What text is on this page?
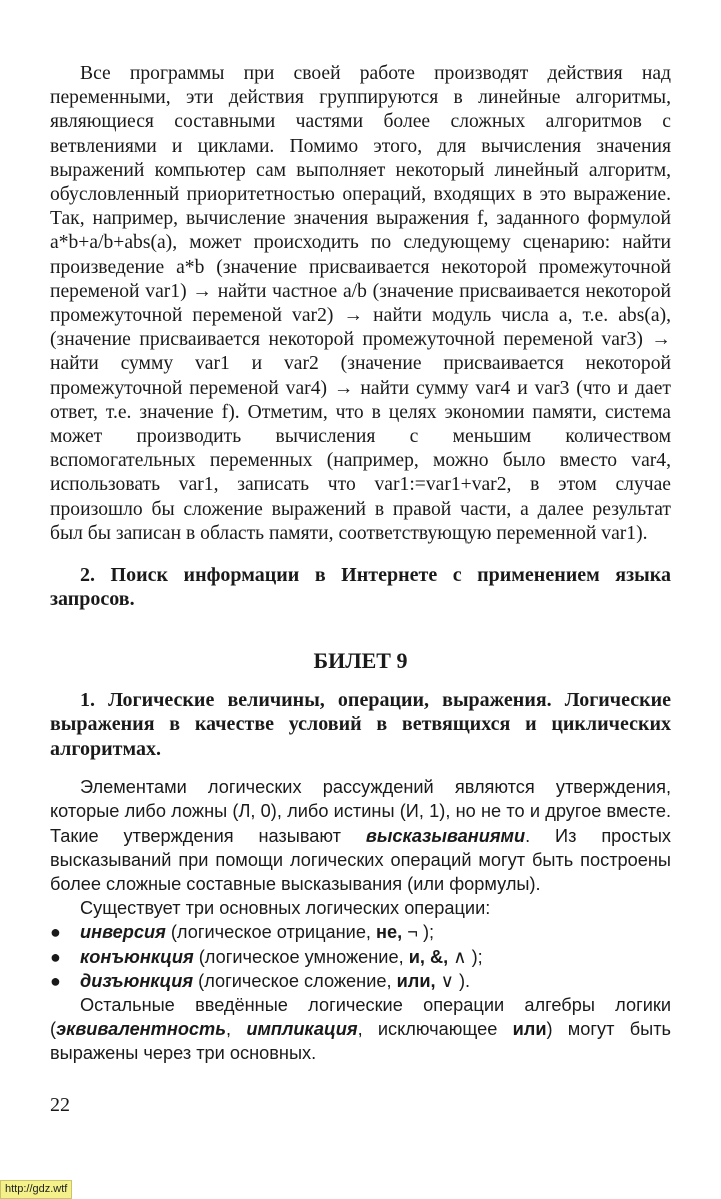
Все программы при своей работе производят действия над переменными, эти действия группируются в линейные алгоритмы, являющиеся составными частями более сложных алгоритмов с ветвлениями и циклами. Помимо этого, для вычисления значения выражений компьютер сам выполняет некоторый линейный алгоритм, обусловленный приоритетностью операций, входящих в это выражение. Так, например, вычисление значения выражения f, заданного формулой a*b+a/b+abs(a), может происходить по следующему сценарию: найти произведение a*b (значение присваивается некоторой промежуточной переменой var1) → найти частное a/b (значение присваивается некоторой промежуточной переменой var2) → найти модуль числа a, т.е. abs(a), (значение присваивается некоторой промежуточной переменой var3) → найти сумму var1 и var2 (значение присваиваетcя некоторой промежуточной переменой var4) → найти сумму var4 и var3 (что и дает ответ, т.е. значение f). Отметим, что в целях экономии памяти, система может производить вычисления с меньшим количеством вспомогательных переменных (например, можно было вместо var4, использовать var1, записать что var1:=var1+var2, в этом случае произошло бы сложение выражений в правой части, а далее результат был бы записан в область памяти, соответствующую переменной var1).

2. Поиск информации в Интернете с применением языка запросов.

БИЛЕТ 9

1. Логические величины, операции, выражения. Логические выражения в качестве условий в ветвящихся и циклических алгоритмах.

Элементами логических рассуждений являются утверждения, которые либо ложны (Л, 0), либо истины (И, 1), но не то и другое вместе. Такие утверждения называют высказываниями. Из простых высказываний при помощи логических операций могут быть построены более сложные составные высказывания (или формулы).

Существует три основных логических операции:

● инверсия (логическое отрицание, не, ¬ );
● конъюнкция (логическое умножение, и, &, ∧ );
● дизъюнкция (логическое сложение, или, ∨ ).

Остальные введённые логические операции алгебры логики (эквивалентность, импликация, исключающее или) могут быть выражены через три основных.

22
http://gdz.wtf
